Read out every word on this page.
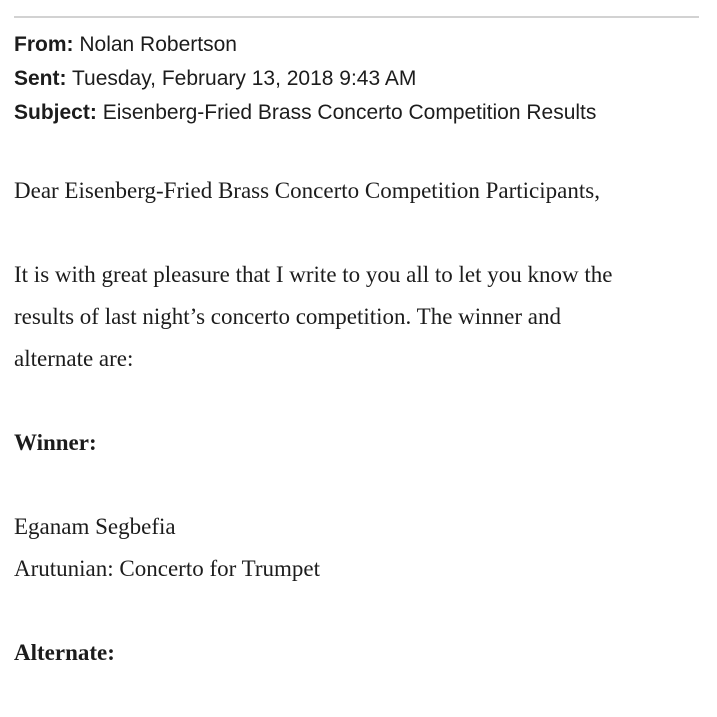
From: Nolan Robertson
Sent: Tuesday, February 13, 2018 9:43 AM
Subject: Eisenberg-Fried Brass Concerto Competition Results

Dear Eisenberg-Fried Brass Concerto Competition Participants,

It is with great pleasure that I write to you all to let you know the

results of last night’s concerto competition. The winner and

alternate are:

Winner:

Eganam Segbefia

Arutunian: Concerto for Trumpet

Alternate:
